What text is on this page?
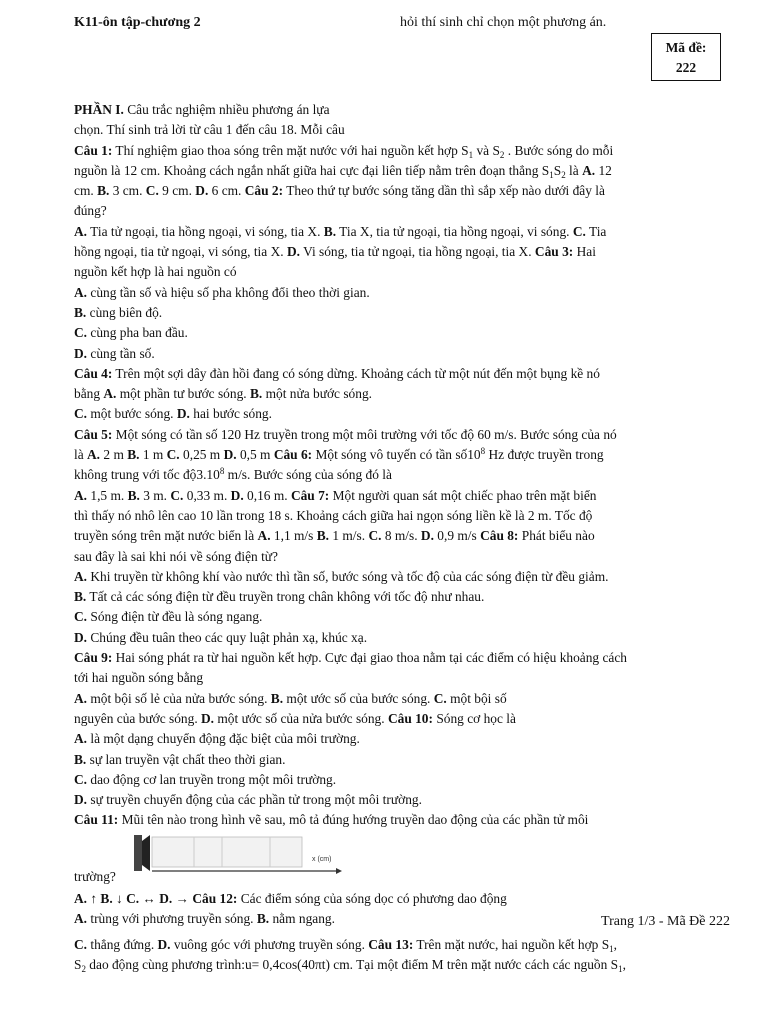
K11-ôn tập-chương 2	hỏi thí sinh chỉ chọn một phương án.
Mã đề:
222
PHẦN I. Câu trắc nghiệm nhiều phương án lựa
chọn. Thí sinh trả lời từ câu 1 đến câu 18. Mỗi câu
Câu 1: Thí nghiệm giao thoa sóng trên mặt nước với hai nguồn kết hợp $S_1$ và $S_2$ . Bước sóng do mỗi
nguồn là 12 cm. Khoảng cách ngắn nhất giữa hai cực đại liên tiếp nằm trên đoạn thẳng $S_1S_2$ là A. 12
cm. B. 3 cm. C. 9 cm. D. 6 cm. Câu 2: Theo thứ tự bước sóng tăng dần thì sắp xếp nào dưới đây là
đúng?
A. Tia tử ngoại, tia hồng ngoại, vi sóng, tia X. B. Tia X, tia tử ngoại, tia hồng ngoại, vi sóng. C. Tia
hồng ngoại, tia tử ngoại, vi sóng, tia X. D. Vi sóng, tia tử ngoại, tia hồng ngoại, tia X. Câu 3: Hai
nguồn kết hợp là hai nguồn có
A. cùng tần số và hiệu số pha không đổi theo thời gian.
B. cùng biên độ.
C. cùng pha ban đầu.
D. cùng tần số.
Câu 4: Trên một sợi dây đàn hồi đang có sóng dừng. Khoảng cách từ một nút đến một bụng kề nó
bằng A. một phần tư bước sóng. B. một nửa bước sóng.
C. một bước sóng. D. hai bước sóng.
Câu 5: Một sóng có tần số 120 Hz truyền trong một môi trường với tốc độ 60 m/s. Bước sóng của nó
là A. 2 m B. 1 m C. 0,25 m D. 0,5 m Câu 6: Một sóng vô tuyến có tần $số10^8$ Hz được truyền trong
không trung với tốc độ3.10$^8$ m/s. Bước sóng của sóng đó là
A. 1,5 m. B. 3 m. C. 0,33 m. D. 0,16 m. Câu 7: Một người quan sát một chiếc phao trên mặt biển
thì thấy nó nhô lên cao 10 lần trong 18 s. Khoảng cách giữa hai ngọn sóng liền kề là 2 m. Tốc độ
truyền sóng trên mặt nước biển là A. 1,1 m/s B. 1 m/s. C. 8 m/s. D. 0,9 m/s Câu 8: Phát biểu nào
sau đây là sai khi nói về sóng điện từ?
A. Khi truyền từ không khí vào nước thì tần số, bước sóng và tốc độ của các sóng điện từ đều giảm.
B. Tất cả các sóng điện từ đều truyền trong chân không với tốc độ như nhau.
C. Sóng điện từ đều là sóng ngang.
D. Chúng đều tuân theo các quy luật phản xạ, khúc xạ.
Câu 9: Hai sóng phát ra từ hai nguồn kết hợp. Cực đại giao thoa nằm tại các điểm có hiệu khoảng cách
tới hai nguồn sóng bằng
A. một bội số lẻ của nửa bước sóng. B. một ước số của bước sóng. C. một bội số
nguyên của bước sóng. D. một ước số của nửa bước sóng. Câu 10: Sóng cơ học là
A. là một dạng chuyển động đặc biệt của môi trường.
B. sự lan truyền vật chất theo thời gian.
C. dao động cơ lan truyền trong một môi trường.
D. sự truyền chuyển động của các phần tử trong một môi trường.
Câu 11: Mũi tên nào trong hình vẽ sau, mô tả đúng hướng truyền dao động của các phần tử môi
trường?
x (cm)
A. ↑ B. ↓ C. ↔ D. → Câu 12: Các điểm sóng của sóng dọc có phương dao động
A. trùng với phương truyền sóng. B. nằm ngang.	Trang 1/3 - Mã Đề 222
C. thẳng đứng. D. vuông góc với phương truyền sóng. Câu 13: Trên mặt nước, hai nguồn kết hợp $S_1$,
$S_2$ dao động cùng phương trình:u= 0,4cos(40πt) cm. Tại một điểm M trên mặt nước cách các nguồn $S_1$,
